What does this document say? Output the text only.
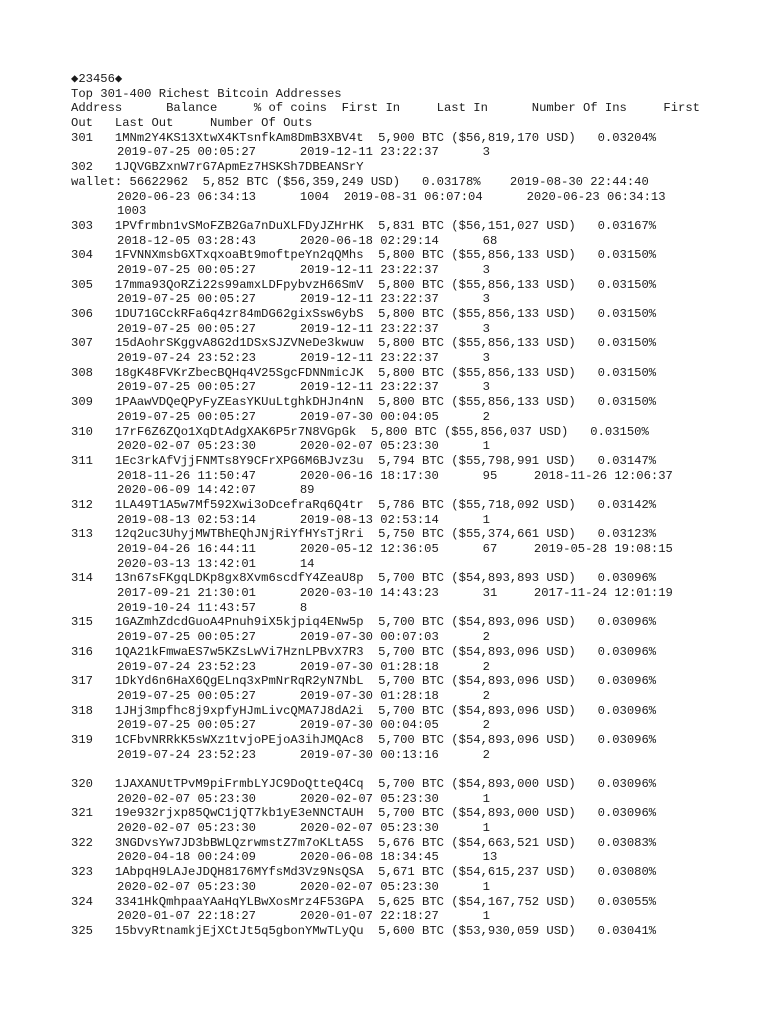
◆23456◆
Top 301-400 Richest Bitcoin Addresses
Address      Balance     % of coins  First In     Last In      Number Of Ins     First
Out   Last Out     Number Of Outs
301   1MNm2Y4KS13XtwX4KTsnfkAm8DmB3XBV4t  5,900 BTC ($56,819,170 USD)   0.03204%
2019-07-25 00:05:27      2019-12-11 23:22:37      3
302   1JQVGBZxnW7rG7ApmEz7HSKSh7DBEANSrY
wallet: 56622962  5,852 BTC ($56,359,249 USD)   0.03178%    2019-08-30 22:44:40
2020-06-23 06:34:13      1004  2019-08-31 06:07:04      2020-06-23 06:34:13
1003
303   1PVfrmbn1vSMoFZB2Ga7nDuXLFDyJZHrHK  5,831 BTC ($56,151,027 USD)   0.03167%
2018-12-05 03:28:43      2020-06-18 02:29:14      68
304   1FVNNXmsbGXTxqxoaBt9moftpeYn2qQMhs  5,800 BTC ($55,856,133 USD)   0.03150%
2019-07-25 00:05:27      2019-12-11 23:22:37      3
305   17mma93QoRZi22s99amxLDFpybvzH66SmV  5,800 BTC ($55,856,133 USD)   0.03150%
2019-07-25 00:05:27      2019-12-11 23:22:37      3
306   1DU71GCckRFa6q4zr84mDG62gixSsw6ybS  5,800 BTC ($55,856,133 USD)   0.03150%
2019-07-25 00:05:27      2019-12-11 23:22:37      3
307   15dAohrSKggvA8G2d1DSxSJZVNeDe3kwuw  5,800 BTC ($55,856,133 USD)   0.03150%
2019-07-24 23:52:23      2019-12-11 23:22:37      3
308   18gK48FVKrZbecBQHq4V25SgcFDNNmicJK  5,800 BTC ($55,856,133 USD)   0.03150%
2019-07-25 00:05:27      2019-12-11 23:22:37      3
309   1PAawVDQeQPyFyZEasYKUuLtghkDHJn4nN  5,800 BTC ($55,856,133 USD)   0.03150%
2019-07-25 00:05:27      2019-07-30 00:04:05      2
310   17rF6Z6ZQo1XqDtAdgXAK6P5r7N8VGpGk  5,800 BTC ($55,856,037 USD)   0.03150%
2020-02-07 05:23:30      2020-02-07 05:23:30      1
311   1Ec3rkAfVjjFNMTs8Y9CFrXPG6M6BJvz3u  5,794 BTC ($55,798,991 USD)   0.03147%
2018-11-26 11:50:47      2020-06-16 18:17:30      95     2018-11-26 12:06:37
2020-06-09 14:42:07      89
312   1LA49T1A5w7Mf592Xwi3oDcefraRq6Q4tr  5,786 BTC ($55,718,092 USD)   0.03142%
2019-08-13 02:53:14      2019-08-13 02:53:14      1
313   12q2uc3UhyjMWTBhEQhJNjRiYfHYsTjRri  5,750 BTC ($55,374,661 USD)   0.03123%
2019-04-26 16:44:11      2020-05-12 12:36:05      67     2019-05-28 19:08:15
2020-03-13 13:42:01      14
314   13n67sFKgqLDKp8gx8Xvm6scdfY4ZeaU8p  5,700 BTC ($54,893,893 USD)   0.03096%
2017-09-21 21:30:01      2020-03-10 14:43:23      31     2017-11-24 12:01:19
2019-10-24 11:43:57      8
315   1GAZmhZdcdGuoA4Pnuh9iX5kjpiq4ENw5p  5,700 BTC ($54,893,096 USD)   0.03096%
2019-07-25 00:05:27      2019-07-30 00:07:03      2
316   1QA21kFmwaES7w5KZsLwVi7HznLPBvX7R3  5,700 BTC ($54,893,096 USD)   0.03096%
2019-07-24 23:52:23      2019-07-30 01:28:18      2
317   1DkYd6n6HaX6QgELnq3xPmNrRqR2yN7NbL  5,700 BTC ($54,893,096 USD)   0.03096%
2019-07-25 00:05:27      2019-07-30 01:28:18      2
318   1JHj3mpfhc8j9xpfyHJmLivcQMA7J8dA2i  5,700 BTC ($54,893,096 USD)   0.03096%
2019-07-25 00:05:27      2019-07-30 00:04:05      2
319   1CFbvNRRkK5sWXz1tvjoPEjoA3ihJMQAc8  5,700 BTC ($54,893,096 USD)   0.03096%
2019-07-24 23:52:23      2019-07-30 00:13:16      2
320   1JAXANUtTPvM9piFrmbLYJC9DoQtteQ4Cq  5,700 BTC ($54,893,000 USD)   0.03096%
2020-02-07 05:23:30      2020-02-07 05:23:30      1
321   19e932rjxp85QwC1jQT7kb1yE3eNNCTAUH  5,700 BTC ($54,893,000 USD)   0.03096%
2020-02-07 05:23:30      2020-02-07 05:23:30      1
322   3NGDvsYw7JD3bBWLQzrwmstZ7m7oKLtA5S  5,676 BTC ($54,663,521 USD)   0.03083%
2020-04-18 00:24:09      2020-06-08 18:34:45      13
323   1AbpqH9LAJeJDQH8176MYfsMd3Vz9NsQSA  5,671 BTC ($54,615,237 USD)   0.03080%
2020-02-07 05:23:30      2020-02-07 05:23:30      1
324   3341HkQmhpaaYAaHqYLBwXosMrz4F53GPA  5,625 BTC ($54,167,752 USD)   0.03055%
2020-01-07 22:18:27      2020-01-07 22:18:27      1
325   15bvyRtnamkjEjXCtJt5q5gbonYMwTLyQu  5,600 BTC ($53,930,059 USD)   0.03041%
